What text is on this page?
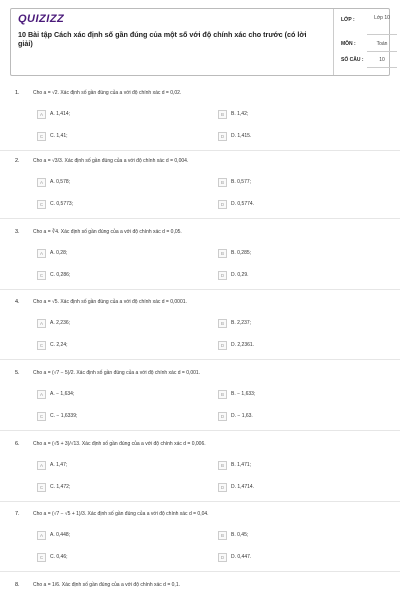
QUIZIZZ
10 Bài tập Cách xác định số gần đúng của một số với độ chính xác cho trước (có lời giải)
LỚP :	Lớp 10
MÔN :	Toán
SỐ CÂU :	10
1.	Cho a = √2. Xác định số gần đúng của a với độ chính xác d = 0,02.
A	A. 1,414;	B	B. 1,42;
C	C. 1,41;	D	D. 1,415.
2.	Cho a = √3/3. Xác định số gần đúng của a với độ chính xác d = 0,004.
A	A. 0,578;	B	B. 0,577;
C	C. 0,5773;	D	D. 0,5774.
3.	Cho a = ∛4. Xác định số gần đúng của a với độ chính xác d = 0,05.
A	A. 0,28;	B	B. 0,285;
C	C. 0,286;	D	D. 0,29.
4.	Cho a = √5. Xác định số gần đúng của a với độ chính xác d = 0,0001.
A	A. 2,236;	B	B. 2,237;
C	C. 2,24;	D	D. 2,2361.
5.	Cho a = (√7 − 5)/2. Xác định số gần đúng của a với độ chính xác d = 0,001.
A	A. − 1,634;	B	B. − 1,633;
C	C. − 1,6339;	D	D. − 1,63.
6.	Cho a = (√5 + 3)/√13. Xác định số gần đúng của a với độ chính xác d = 0,006.
A	A. 1,47;	B	B. 1,471;
C	C. 1,472;	D	D. 1,4714.
7.	Cho a = (√7 − √5 + 1)/3. Xác định số gần đúng của a với độ chính xác d = 0,04.
A	A. 0,448;	B	B. 0,45;
C	C. 0,46;	D	D. 0,447.
8.	Cho a = 1/6. Xác định số gần đúng của a với độ chính xác d = 0,1.
